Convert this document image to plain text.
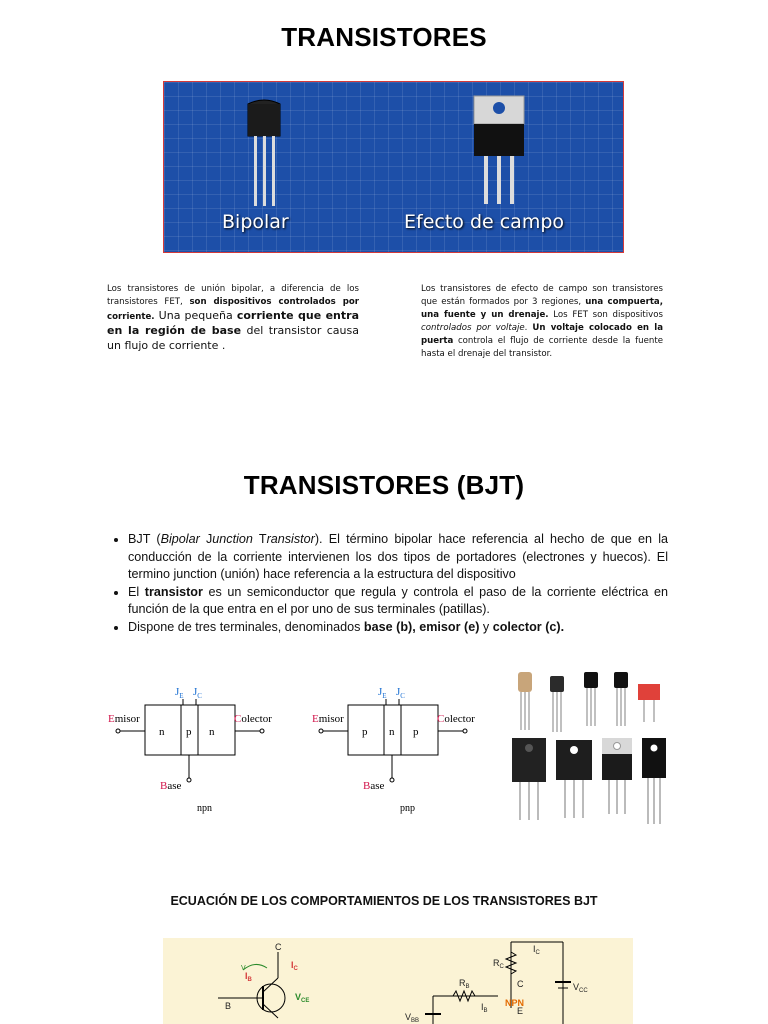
TRANSISTORES
Bipolar	Efecto de campo
Los transistores de unión bipolar, a diferencia de los transistores FET, son dispositivos controlados por corriente. Una pequeña corriente que entra en la región de base del transistor causa un flujo de corriente .
Los transistores de efecto de campo son transistores que están formados por 3 regiones, una compuerta, una fuente y un drenaje. Los FET son dispositivos controlados por voltaje. Un voltaje colocado en la puerta controla el flujo de corriente desde la fuente hasta el drenaje del transistor.
TRANSISTORES (BJT)
• BJT (Bipolar Junction Transistor). El término bipolar hace referencia al hecho de que en la conducción de la corriente intervienen los dos tipos de portadores (electrones y huecos). El termino junction (unión) hace referencia a la estructura del dispositivo
• El transistor es un semiconductor que regula y controla el paso de la corriente eléctrica en función de la que entra en el por uno de sus terminales (patillas).
• Dispone de tres terminales, denominados base (b), emisor (e) y colector (c).
$J_E$ $J_C$
n p n
Emisor	Colector
Base
npn
$J_E$ $J_C$
p n p
Emisor	Colector
Base
pnp
ECUACIÓN DE LOS COMPORTAMIENTOS DE LOS TRANSISTORES BJT
C
B
$I_B$
$I_C$
$V_{CE}$
V
$R_C$
C
E
NPN
$R_B$
$I_B$
$I_C$
$V_{CC}$
$V_{BB}$
